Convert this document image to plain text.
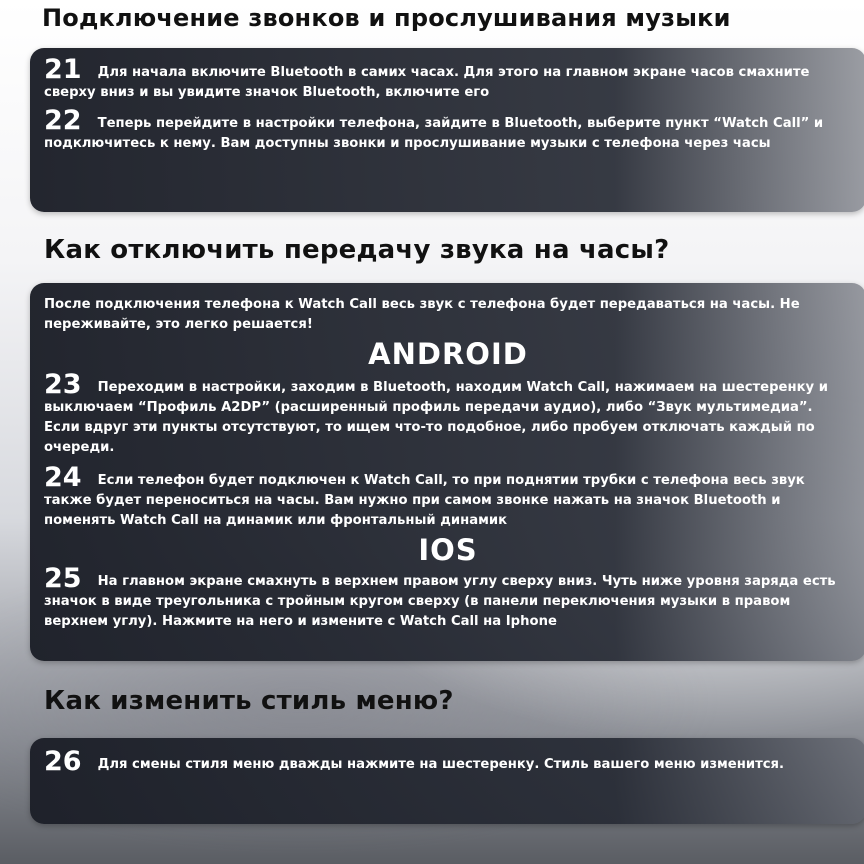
Подключение звонков и прослушивания музыки

21 Для начала включите Bluetooth в самих часах. Для этого на главном экране часов смахните сверху вниз и вы увидите значок Bluetooth, включите его

22 Теперь перейдите в настройки телефона, зайдите в Bluetooth, выберите пункт “Watch Call” и подключитесь к нему. Вам доступны звонки и прослушивание музыки с телефона через часы

Как отключить передачу звука на часы?

После подключения телефона к Watch Call весь звук с телефона будет передаваться на часы. Не переживайте, это легко решается!

ANDROID

23 Переходим в настройки, заходим в Bluetooth, находим Watch Call, нажимаем на шестеренку и выключаем “Профиль A2DP” (расширенный профиль передачи аудио), либо “Звук мультимедиа”. Если вдруг эти пункты отсутствуют, то ищем что-то подобное, либо пробуем отключать каждый по очереди.

24 Если телефон будет подключен к Watch Call, то при поднятии трубки с телефона весь звук также будет переноситься на часы. Вам нужно при самом звонке нажать на значок Bluetooth и поменять Watch Call на динамик или фронтальный динамик

IOS

25 На главном экране смахнуть в верхнем правом углу сверху вниз. Чуть ниже уровня заряда есть значок в виде треугольника с тройным кругом сверху (в панели переключения музыки в правом верхнем углу). Нажмите на него и измените с Watch Call на Iphone

Как изменить стиль меню?

26 Для смены стиля меню дважды нажмите на шестеренку. Стиль вашего меню изменится.
